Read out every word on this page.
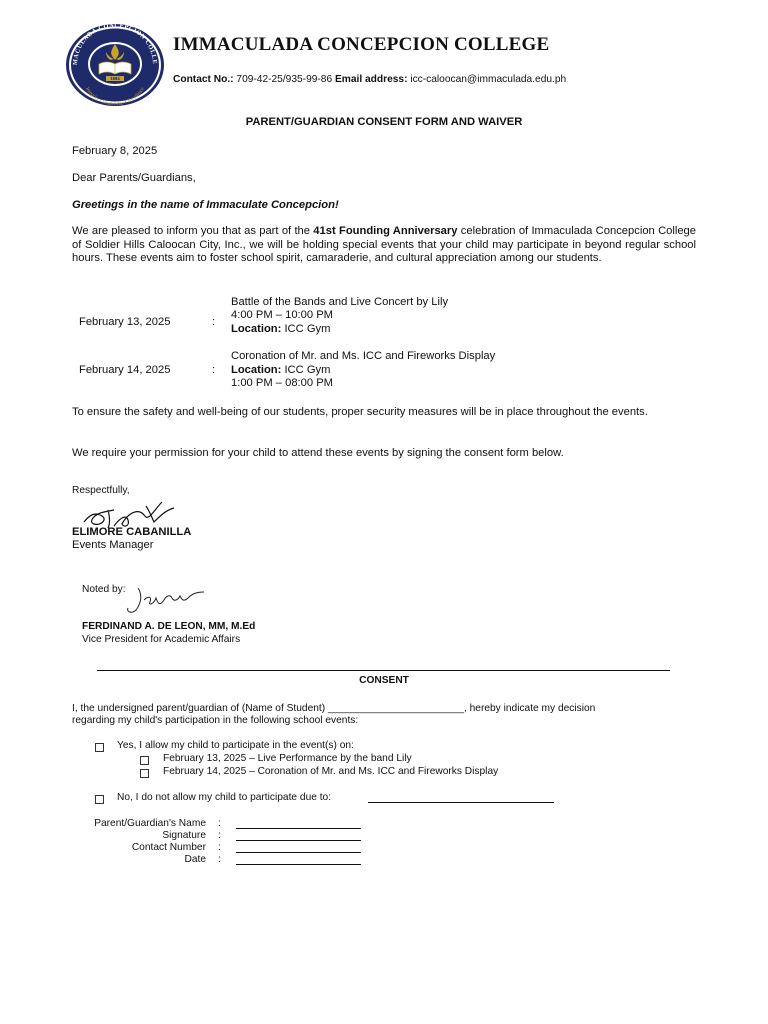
MACULADA CONCEPCION COLLE
Integrity • Leadership • Excellence
1984
IMMACULADA CONCEPCION COLLEGE
Contact No.: 709-42-25/935-99-86 Email address: icc-caloocan@immaculada.edu.ph
PARENT/GUARDIAN CONSENT FORM AND WAIVER
February 8, 2025
Dear Parents/Guardians,
Greetings in the name of Immaculate Concepcion!
We are pleased to inform you that as part of the 41st Founding Anniversary celebration of Immaculada Concepcion College of Soldier Hills Caloocan City, Inc., we will be holding special events that your child may participate in beyond regular school hours. These events aim to foster school spirit, camaraderie, and cultural appreciation among our students.
February 13, 2025	:
Battle of the Bands and Live Concert by Lily
4:00 PM – 10:00 PM
Location: ICC Gym
February 14, 2025	:
Coronation of Mr. and Ms. ICC and Fireworks Display
Location: ICC Gym
1:00 PM – 08:00 PM
To ensure the safety and well-being of our students, proper security measures will be in place throughout the events.
We require your permission for your child to attend these events by signing the consent form below.
Respectfully,
ELIMORE CABANILLA
Events Manager
Noted by:
FERDINAND A. DE LEON, MM, M.Ed
Vice President for Academic Affairs
CONSENT
I, the undersigned parent/guardian of (Name of Student) ________________________, hereby indicate my decision
regarding my child's participation in the following school events:
Yes, I allow my child to participate in the event(s) on:
February 13, 2025 – Live Performance by the band Lily
February 14, 2025 – Coronation of Mr. and Ms. ICC and Fireworks Display
No, I do not allow my child to participate due to:
Parent/Guardian's Name :
Signature :
Contact Number :
Date :
